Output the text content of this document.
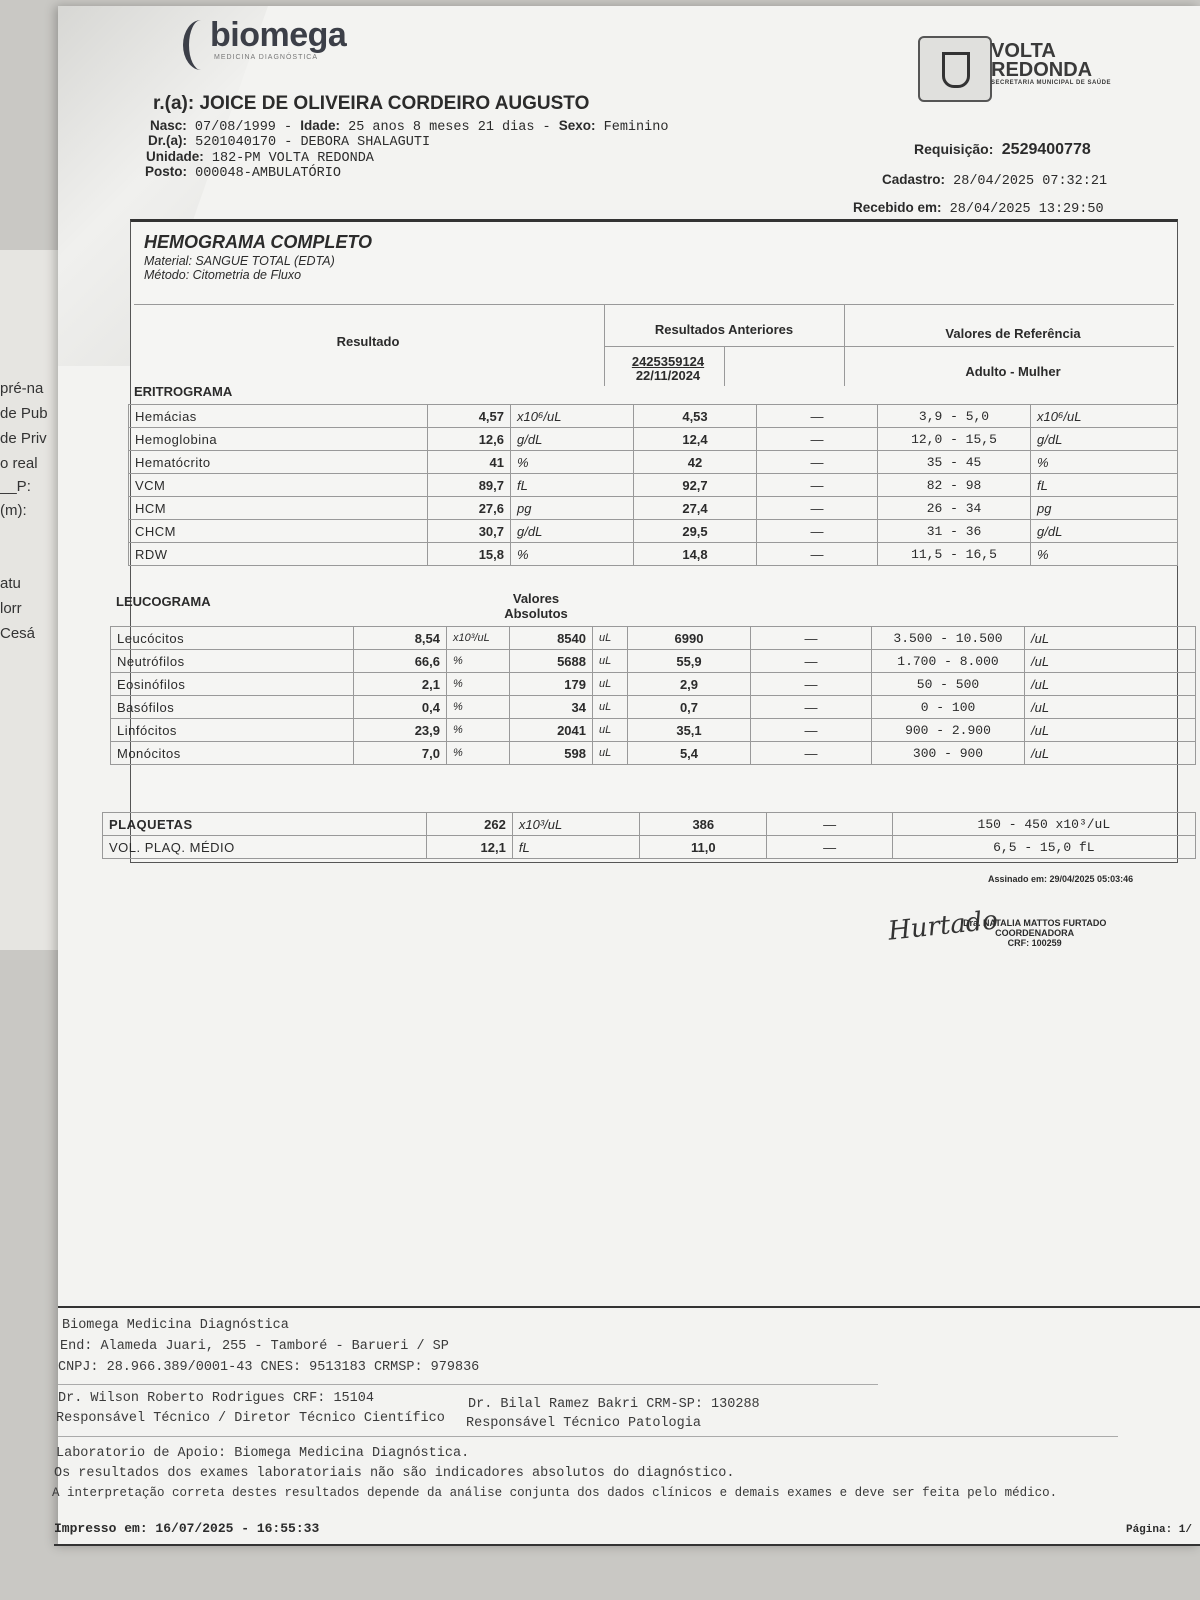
pré-na
de Pub
de Priv
o real
__P:
(m):
atu
lorr
Cesá
biomega
MEDICINA DIAGNÓSTICA	VOLTA
REDONDA
SECRETARIA MUNICIPAL DE SAÚDE
r.(a): JOICE DE OLIVEIRA CORDEIRO AUGUSTO
Nasc: 07/08/1999 - Idade: 25 anos 8 meses 21 dias - Sexo: Feminino
Dr.(a): 5201040170 - DEBORA SHALAGUTI
Unidade: 182-PM VOLTA REDONDA
Posto: 000048-AMBULATÓRIO
Requisição: 2529400778
Cadastro: 28/04/2025 07:32:21
Recebido em: 28/04/2025 13:29:50
HEMOGRAMA COMPLETO
Material: SANGUE TOTAL (EDTA)
Método: Citometria de Fluxo
Resultado
Resultados Anteriores
2425359124
22/11/2024
Valores de Referência
Adulto - Mulher
ERITROGRAMA
Hemácias	4,57	x10⁶/uL	4,53	—	3,9 - 5,0	x10⁶/uL
Hemoglobina	12,6	g/dL	12,4	—	12,0 - 15,5	g/dL
Hematócrito	41	%	42	—	35 - 45	%
VCM	89,7	fL	92,7	—	82 - 98	fL
HCM	27,6	pg	27,4	—	26 - 34	pg
CHCM	30,7	g/dL	29,5	—	31 - 36	g/dL
RDW	15,8	%	14,8	—	11,5 - 16,5	%
LEUCOGRAMA	Valores
Absolutos
Leucócitos	8,54	x10³/uL	8540	uL	6990	—	3.500 - 10.500	/uL
Neutrófilos	66,6	%	5688	uL	55,9	—	1.700 - 8.000	/uL
Eosinófilos	2,1	%	179	uL	2,9	—	50 - 500	/uL
Basófilos	0,4	%	34	uL	0,7	—	0 - 100	/uL
Linfócitos	23,9	%	2041	uL	35,1	—	900 - 2.900	/uL
Monócitos	7,0	%	598	uL	5,4	—	300 - 900	/uL
PLAQUETAS	262	x10³/uL	386	—	150 - 450 x10³/uL
VOL. PLAQ. MÉDIO	12,1	fL	11,0	—	6,5 - 15,0 fL
Assinado em: 29/04/2025 05:03:46
Hurtado
Dra. NATALIA MATTOS FURTADO
COORDENADORA
CRF: 100259
Biomega Medicina Diagnóstica
End: Alameda Juari, 255 - Tamboré - Barueri / SP
CNPJ: 28.966.389/0001-43 CNES: 9513183 CRMSP: 979836
Dr. Wilson Roberto Rodrigues CRF: 15104
Responsável Técnico / Diretor Técnico Científico
Dr. Bilal Ramez Bakri CRM-SP: 130288
Responsável Técnico Patologia
Laboratorio de Apoio: Biomega Medicina Diagnóstica.
Os resultados dos exames laboratoriais não são indicadores absolutos do diagnóstico.
A interpretação correta destes resultados depende da análise conjunta dos dados clínicos e demais exames e deve ser feita pelo médico.
Impresso em: 16/07/2025 - 16:55:33	Página: 1/
